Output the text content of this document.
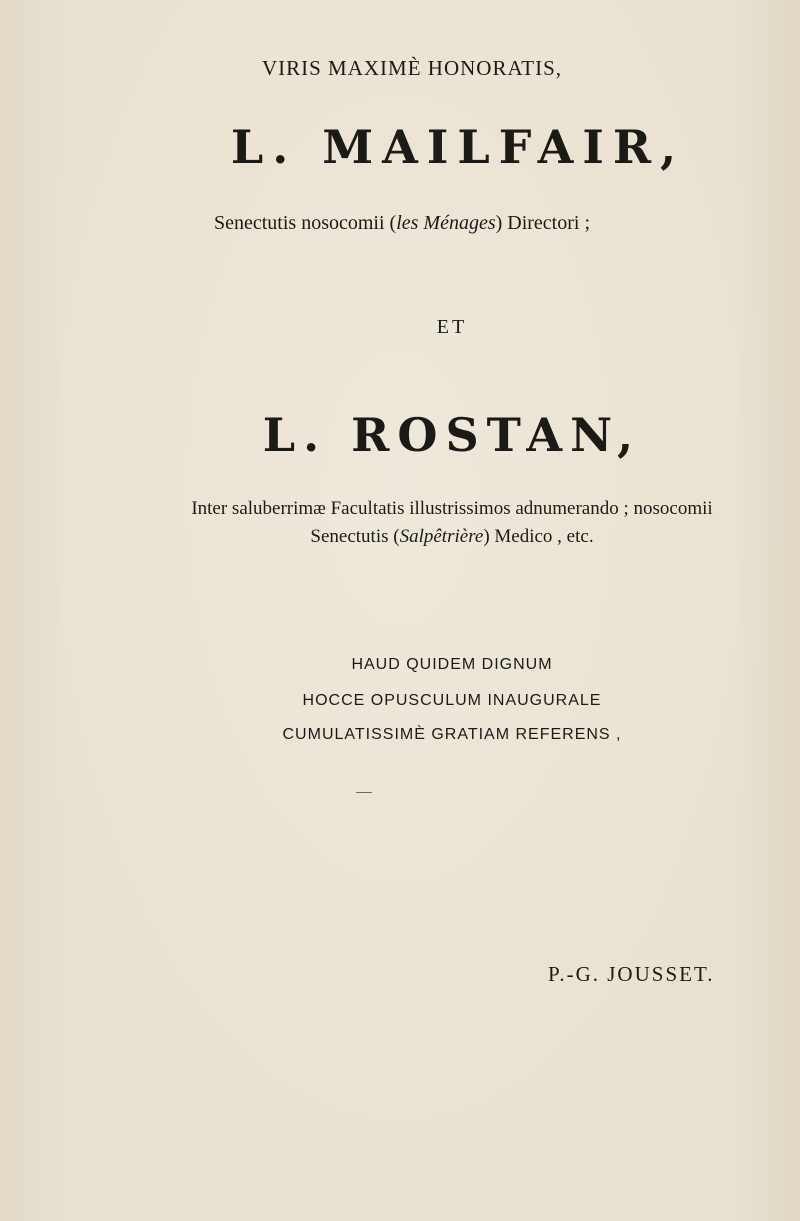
VIRIS MAXIMÈ HONORATIS,
L. MAILFAIR,
Senectutis nosocomii (les Ménages) Directori ;
ET
L. ROSTAN,
Inter saluberrimæ Facultatis illustrissimos adnumerando ; nosocomii
Senectutis (Salpêtrière) Medico , etc.
HAUD QUIDEM DIGNUM
HOCCE OPUSCULUM INAUGURALE
CUMULATISSIMÈ GRATIAM REFERENS ,
P.-G. JOUSSET.
